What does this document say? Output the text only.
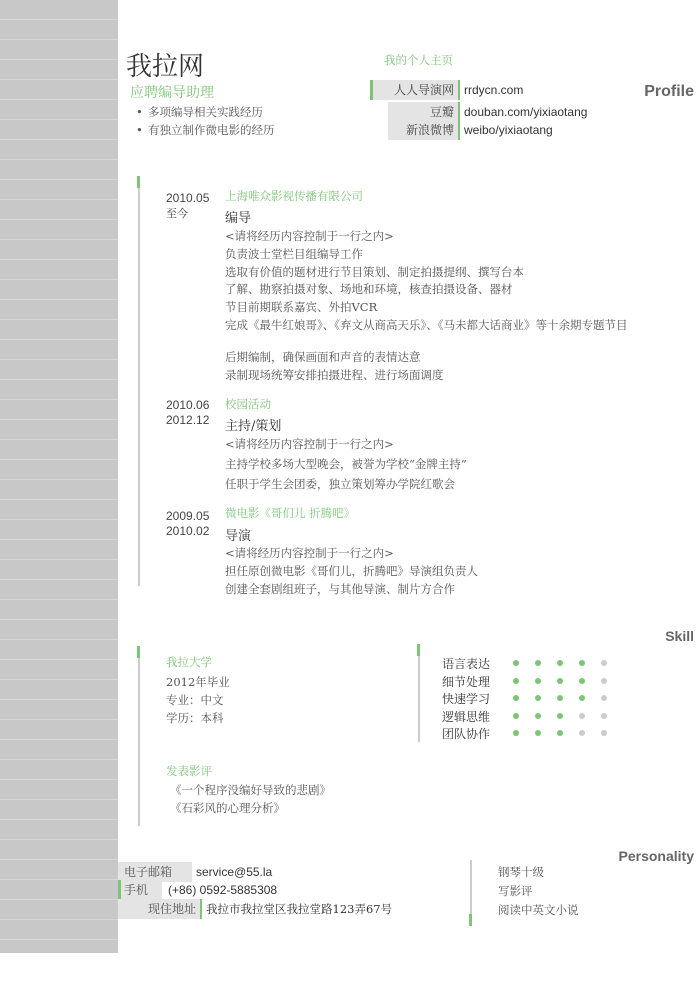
Name
Profile
Experience
Education
Skill
Contact
Personality
我拉网
应聘编导助理
• 多项编导相关实践经历
• 有独立制作微电影的经历
我的个人主页
人人导演网 rrdycn.com
豆瓣 douban.com/yixiaotang
新浪微博 weibo/yixiaotang
2010.05
至今
上海唯众影视传播有限公司
编导
<请将经历内容控制于一行之内>
负责波士堂栏目组编导工作
选取有价值的题材进行节目策划、制定拍摄提纲、撰写台本
了解、勘察拍摄对象、场地和环境，核查拍摄设备、器材
节目前期联系嘉宾、外拍VCR
完成《最牛红娘哥》、《弃文从商高天乐》、《马未都大话商业》等十余期专题节目
后期编制，确保画面和声音的表情达意
录制现场统筹安排拍摄进程、进行场面调度
2010.06
2012.12
校园活动
主持/策划
<请将经历内容控制于一行之内>
主持学校多场大型晚会，被誉为学校“金牌主持”
任职于学生会团委，独立策划筹办学院红歌会
2009.05
2010.02
微电影《哥们儿 折腾吧》
导演
<请将经历内容控制于一行之内>
担任原创微电影《哥们儿，折腾吧》导演组负责人
创建全套剧组班子，与其他导演、制片方合作
我拉大学
2012年毕业
专业：中文
学历：本科
发表影评
《一个程序没编好导致的悲剧》
《石彩风的心理分析》
语言表达
细节处理
快速学习
逻辑思维
团队协作
电子邮箱	service@55.la
手机	(+86) 0592-5885308
现住地址 我拉市我拉堂区我拉堂路123弄67号
钢琴十级
写影评
阅读中英文小说
